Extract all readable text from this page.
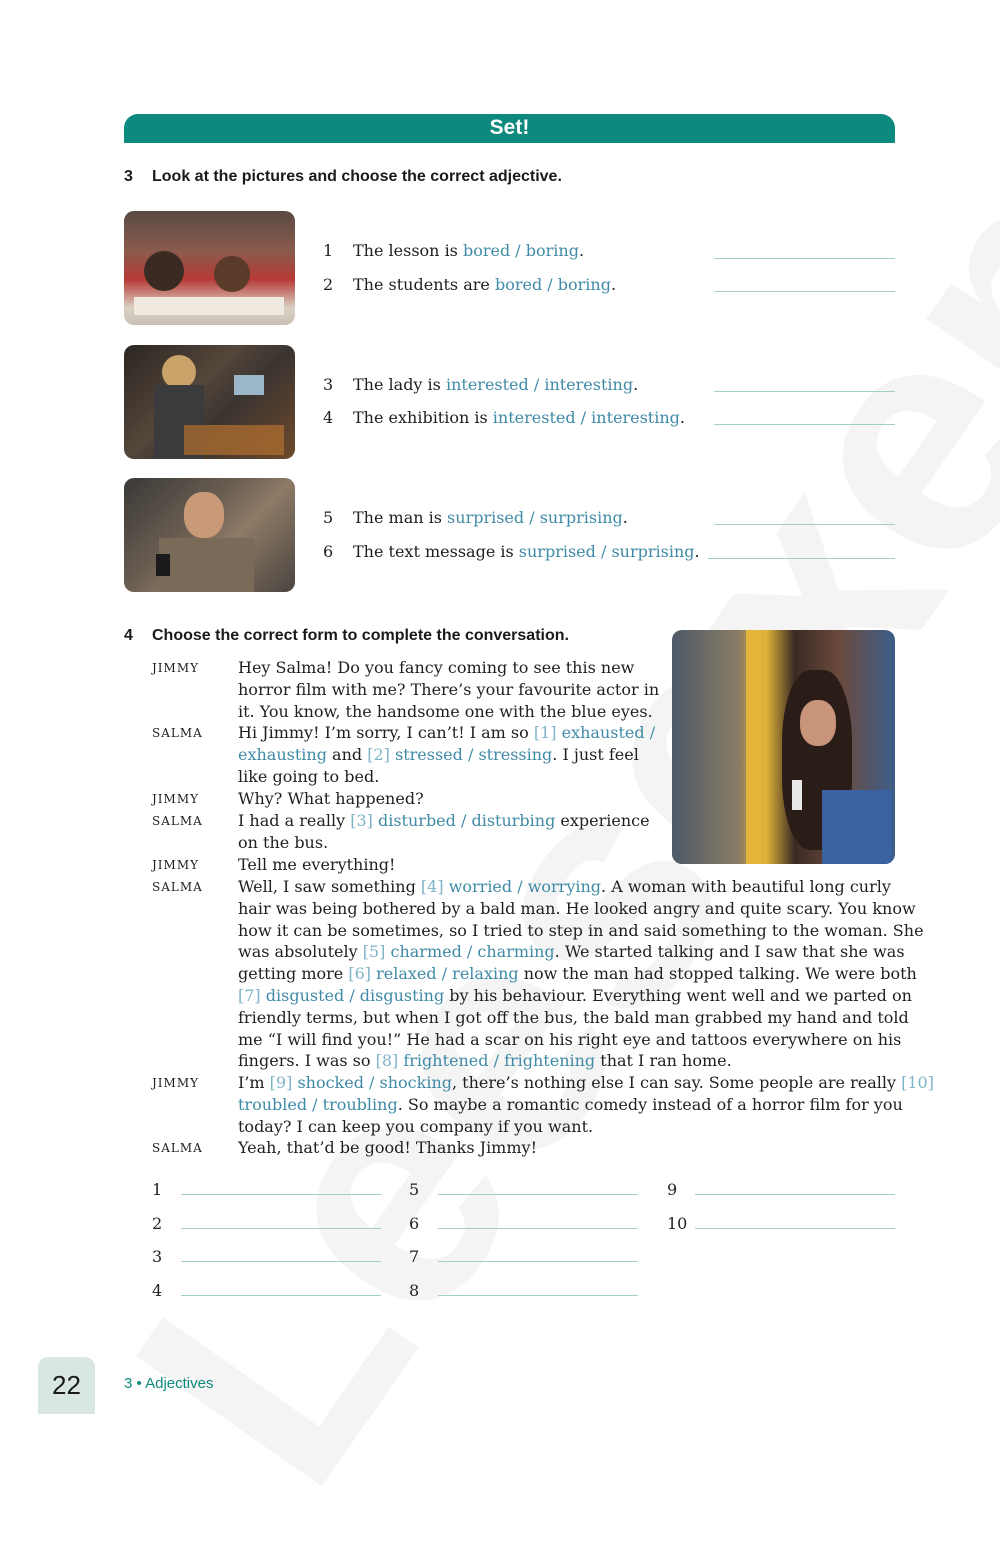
Set!
3 Look at the pictures and choose the correct adjective.
1 The lesson is bored / boring.
2 The students are bored / boring.
3 The lady is interested / interesting.
4 The exhibition is interested / interesting.
5 The man is surprised / surprising.
6 The text message is surprised / surprising.
4 Choose the correct form to complete the conversation.
JIMMY Hey Salma! Do you fancy coming to see this new
horror film with me? There’s your favourite actor in
it. You know, the handsome one with the blue eyes.
SALMA Hi Jimmy! I’m sorry, I can’t! I am so [1] exhausted /
exhausting and [2] stressed / stressing. I just feel
like going to bed.
JIMMY Why? What happened?
SALMA I had a really [3] disturbed / disturbing experience
on the bus.
JIMMY Tell me everything!
SALMA Well, I saw something [4] worried / worrying. A woman with beautiful long curly
hair was being bothered by a bald man. He looked angry and quite scary. You know
how it can be sometimes, so I tried to step in and said something to the woman. She
was absolutely [5] charmed / charming. We started talking and I saw that she was
getting more [6] relaxed / relaxing now the man had stopped talking. We were both
[7] disgusted / disgusting by his behaviour. Everything went well and we parted on
friendly terms, but when I got off the bus, the bald man grabbed my hand and told
me “I will find you!” He had a scar on his right eye and tattoos everywhere on his
fingers. I was so [8] frightened / frightening that I ran home.
JIMMY I’m [9] shocked / shocking, there’s nothing else I can say. Some people are really [10]
troubled / troubling. So maybe a romantic comedy instead of a horror film for you
today? I can keep you company if you want.
SALMA Yeah, that’d be good! Thanks Jimmy!
1
2
3
4
5
6
7
8
9
10
22	3 • Adjectives
